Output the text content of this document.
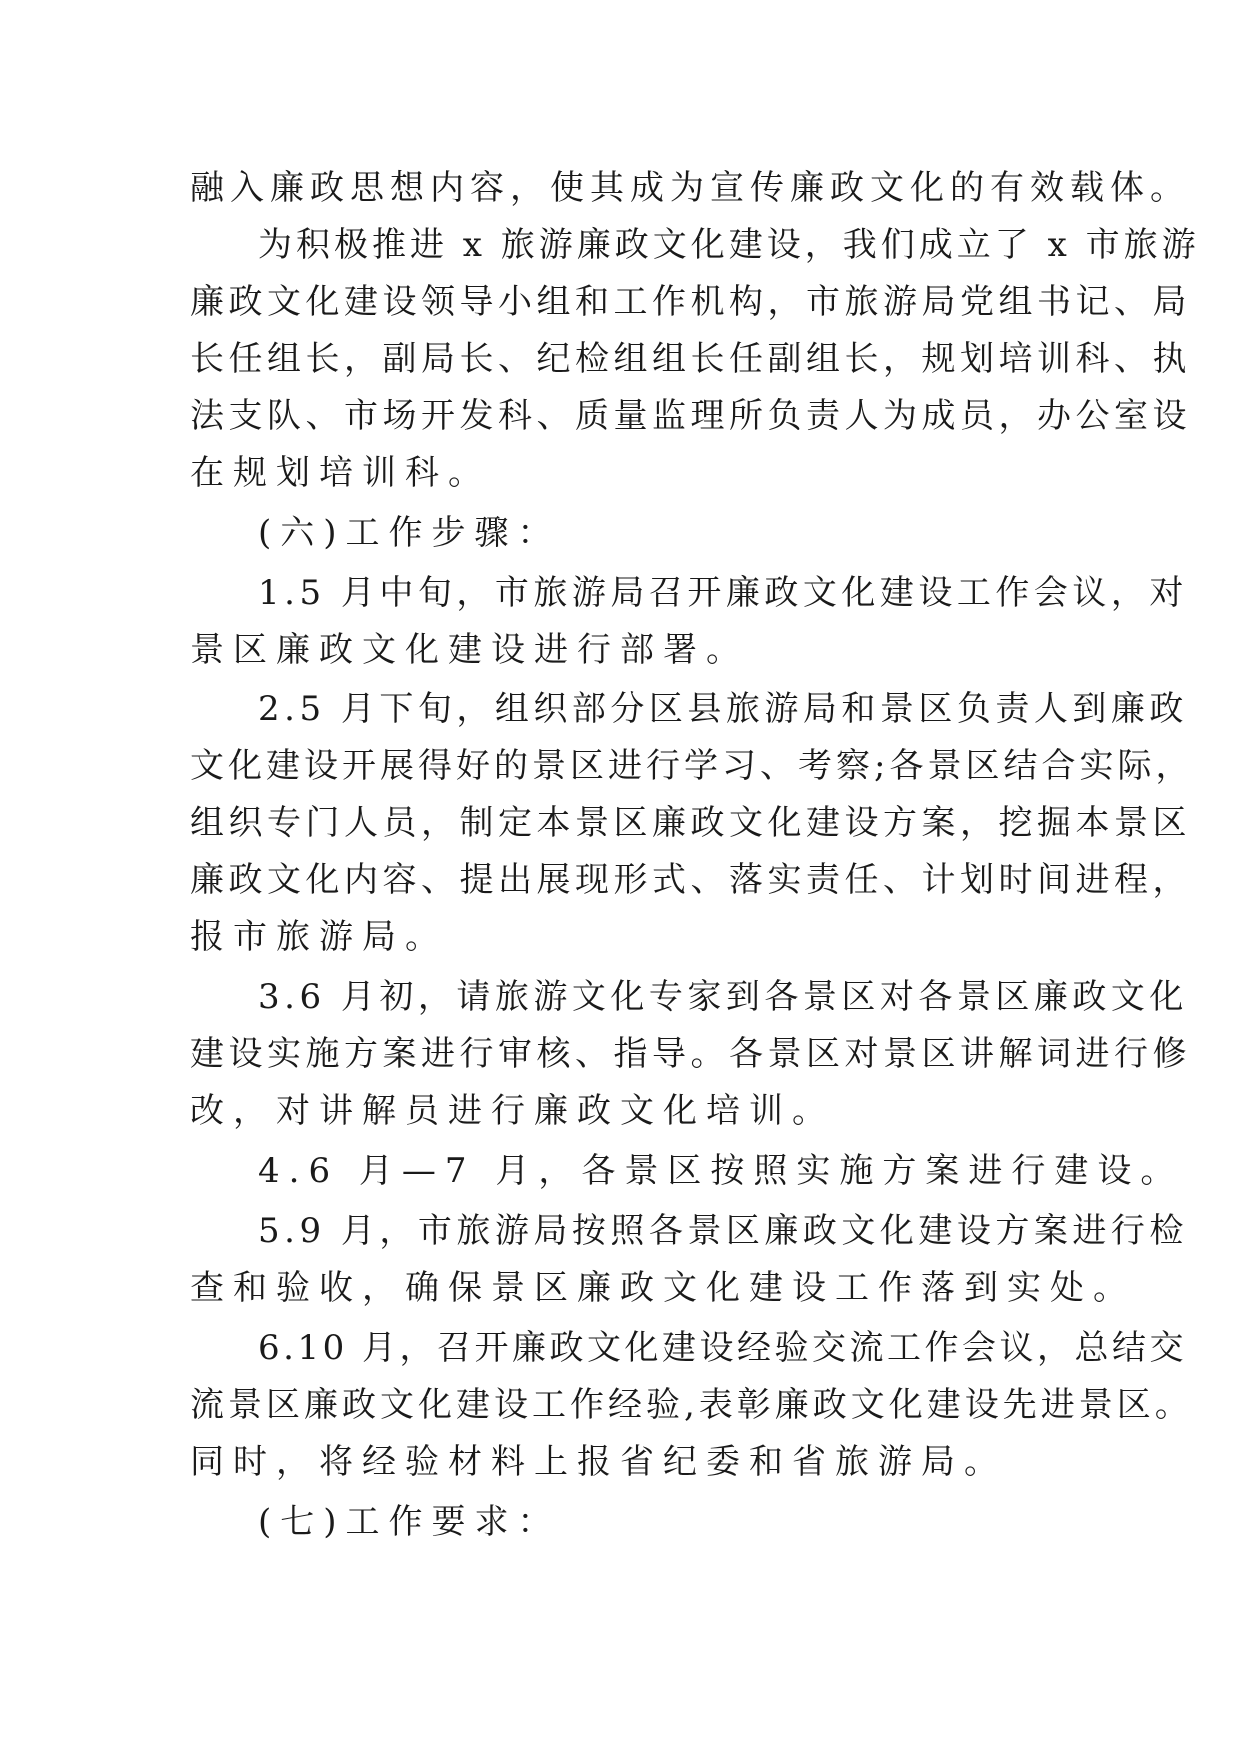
融入廉政思想内容，使其成为宣传廉政文化的有效载体。
为积极推进 x 旅游廉政文化建设，我们成立了 x 市旅游
廉政文化建设领导小组和工作机构，市旅游局党组书记、局
长任组长，副局长、纪检组组长任副组长，规划培训科、执
法支队、市场开发科、质量监理所负责人为成员，办公室设
在规划培训科。
(六)工作步骤：
1.5 月中旬，市旅游局召开廉政文化建设工作会议，对
景区廉政文化建设进行部署。
2.5 月下旬，组织部分区县旅游局和景区负责人到廉政
文化建设开展得好的景区进行学习、考察;各景区结合实际，
组织专门人员，制定本景区廉政文化建设方案，挖掘本景区
廉政文化内容、提出展现形式、落实责任、计划时间进程，
报市旅游局。
3.6 月初，请旅游文化专家到各景区对各景区廉政文化
建设实施方案进行审核、指导。各景区对景区讲解词进行修
改，对讲解员进行廉政文化培训。
4.6 月—7 月，各景区按照实施方案进行建设。
5.9 月，市旅游局按照各景区廉政文化建设方案进行检
查和验收，确保景区廉政文化建设工作落到实处。
6.10 月，召开廉政文化建设经验交流工作会议，总结交
流景区廉政文化建设工作经验,表彰廉政文化建设先进景区。
同时，将经验材料上报省纪委和省旅游局。
(七)工作要求：
